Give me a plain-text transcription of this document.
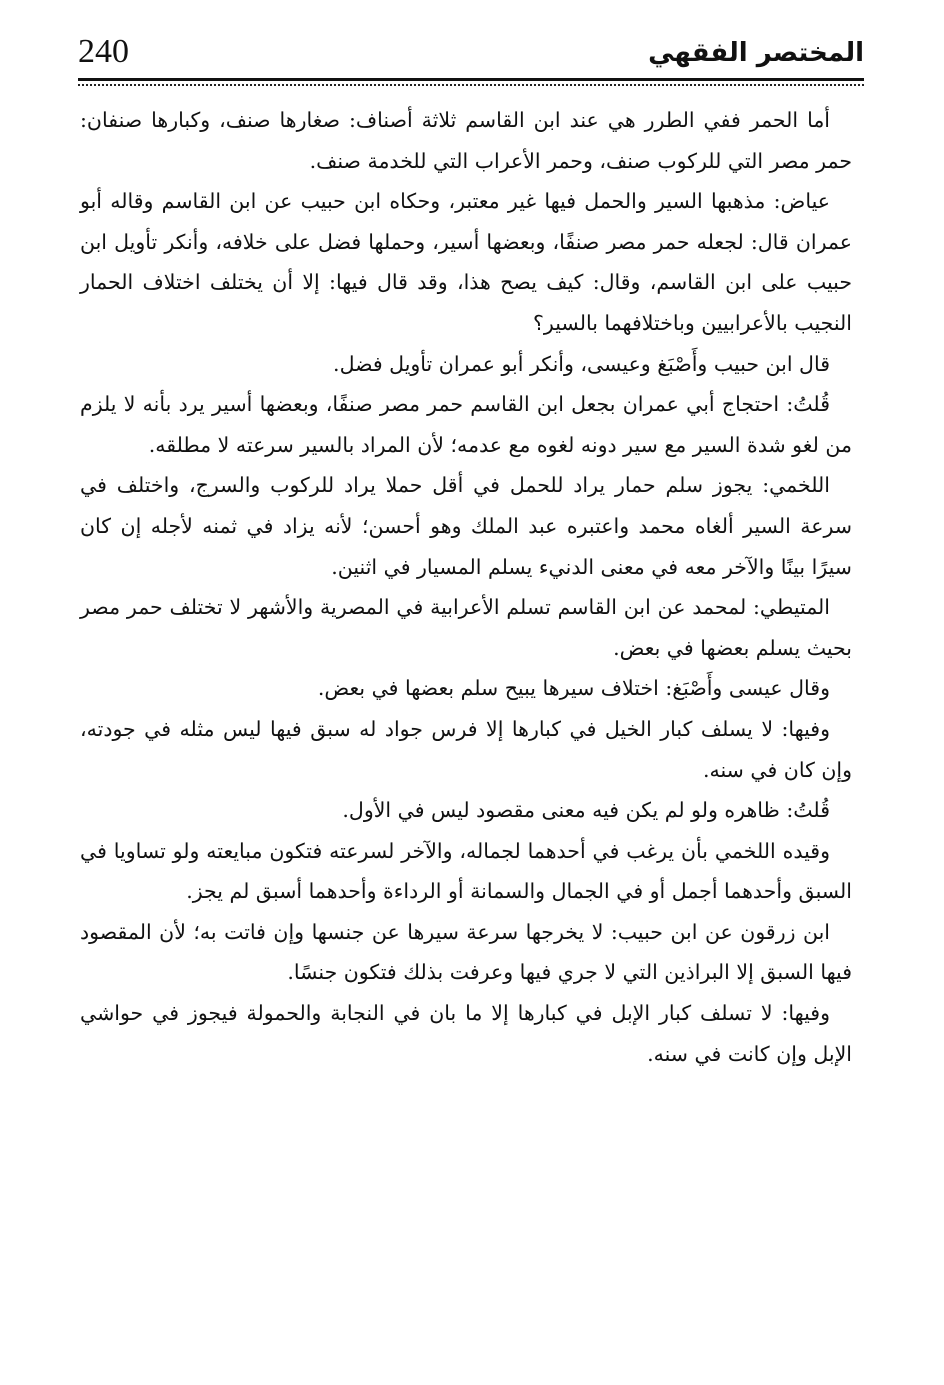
240	المختصر الفقهي

أما الحمر ففي الطرر هي عند ابن القاسم ثلاثة أصناف: صغارها صنف، وكبارها صنفان: حمر مصر التي للركوب صنف، وحمر الأعراب التي للخدمة صنف.

عياض: مذهبها السير والحمل فيها غير معتبر، وحكاه ابن حبيب عن ابن القاسم وقاله أبو عمران قال: لجعله حمر مصر صنفًا، وبعضها أسير، وحملها فضل على خلافه، وأنكر تأويل ابن حبيب على ابن القاسم، وقال: كيف يصح هذا، وقد قال فيها: إلا أن يختلف اختلاف الحمار النجيب بالأعرابيين وباختلافهما بالسير؟

قال ابن حبيب وأَصْبَغ وعيسى، وأنكر أبو عمران تأويل فضل.

قُلتُ: احتجاج أبي عمران بجعل ابن القاسم حمر مصر صنفًا، وبعضها أسير يرد بأنه لا يلزم من لغو شدة السير مع سير دونه لغوه مع عدمه؛ لأن المراد بالسير سرعته لا مطلقه.

اللخمي: يجوز سلم حمار يراد للحمل في أقل حملا يراد للركوب والسرج، واختلف في سرعة السير ألغاه محمد واعتبره عبد الملك وهو أحسن؛ لأنه يزاد في ثمنه لأجله إن كان سيرًا بينًا والآخر معه في معنى الدنيء يسلم المسيار في اثنين.

المتيطي: لمحمد عن ابن القاسم تسلم الأعرابية في المصرية والأشهر لا تختلف حمر مصر بحيث يسلم بعضها في بعض.

وقال عيسى وأَصْبَغ: اختلاف سيرها يبيح سلم بعضها في بعض.

وفيها: لا يسلف كبار الخيل في كبارها إلا فرس جواد له سبق فيها ليس مثله في جودته، وإن كان في سنه.

قُلتُ: ظاهره ولو لم يكن فيه معنى مقصود ليس في الأول.

وقيده اللخمي بأن يرغب في أحدهما لجماله، والآخر لسرعته فتكون مبايعته ولو تساويا في السبق وأحدهما أجمل أو في الجمال والسمانة أو الرداءة وأحدهما أسبق لم يجز.

ابن زرقون عن ابن حبيب: لا يخرجها سرعة سيرها عن جنسها وإن فاتت به؛ لأن المقصود فيها السبق إلا البراذين التي لا جري فيها وعرفت بذلك فتكون جنسًا.

وفيها: لا تسلف كبار الإبل في كبارها إلا ما بان في النجابة والحمولة فيجوز في حواشي الإبل وإن كانت في سنه.
